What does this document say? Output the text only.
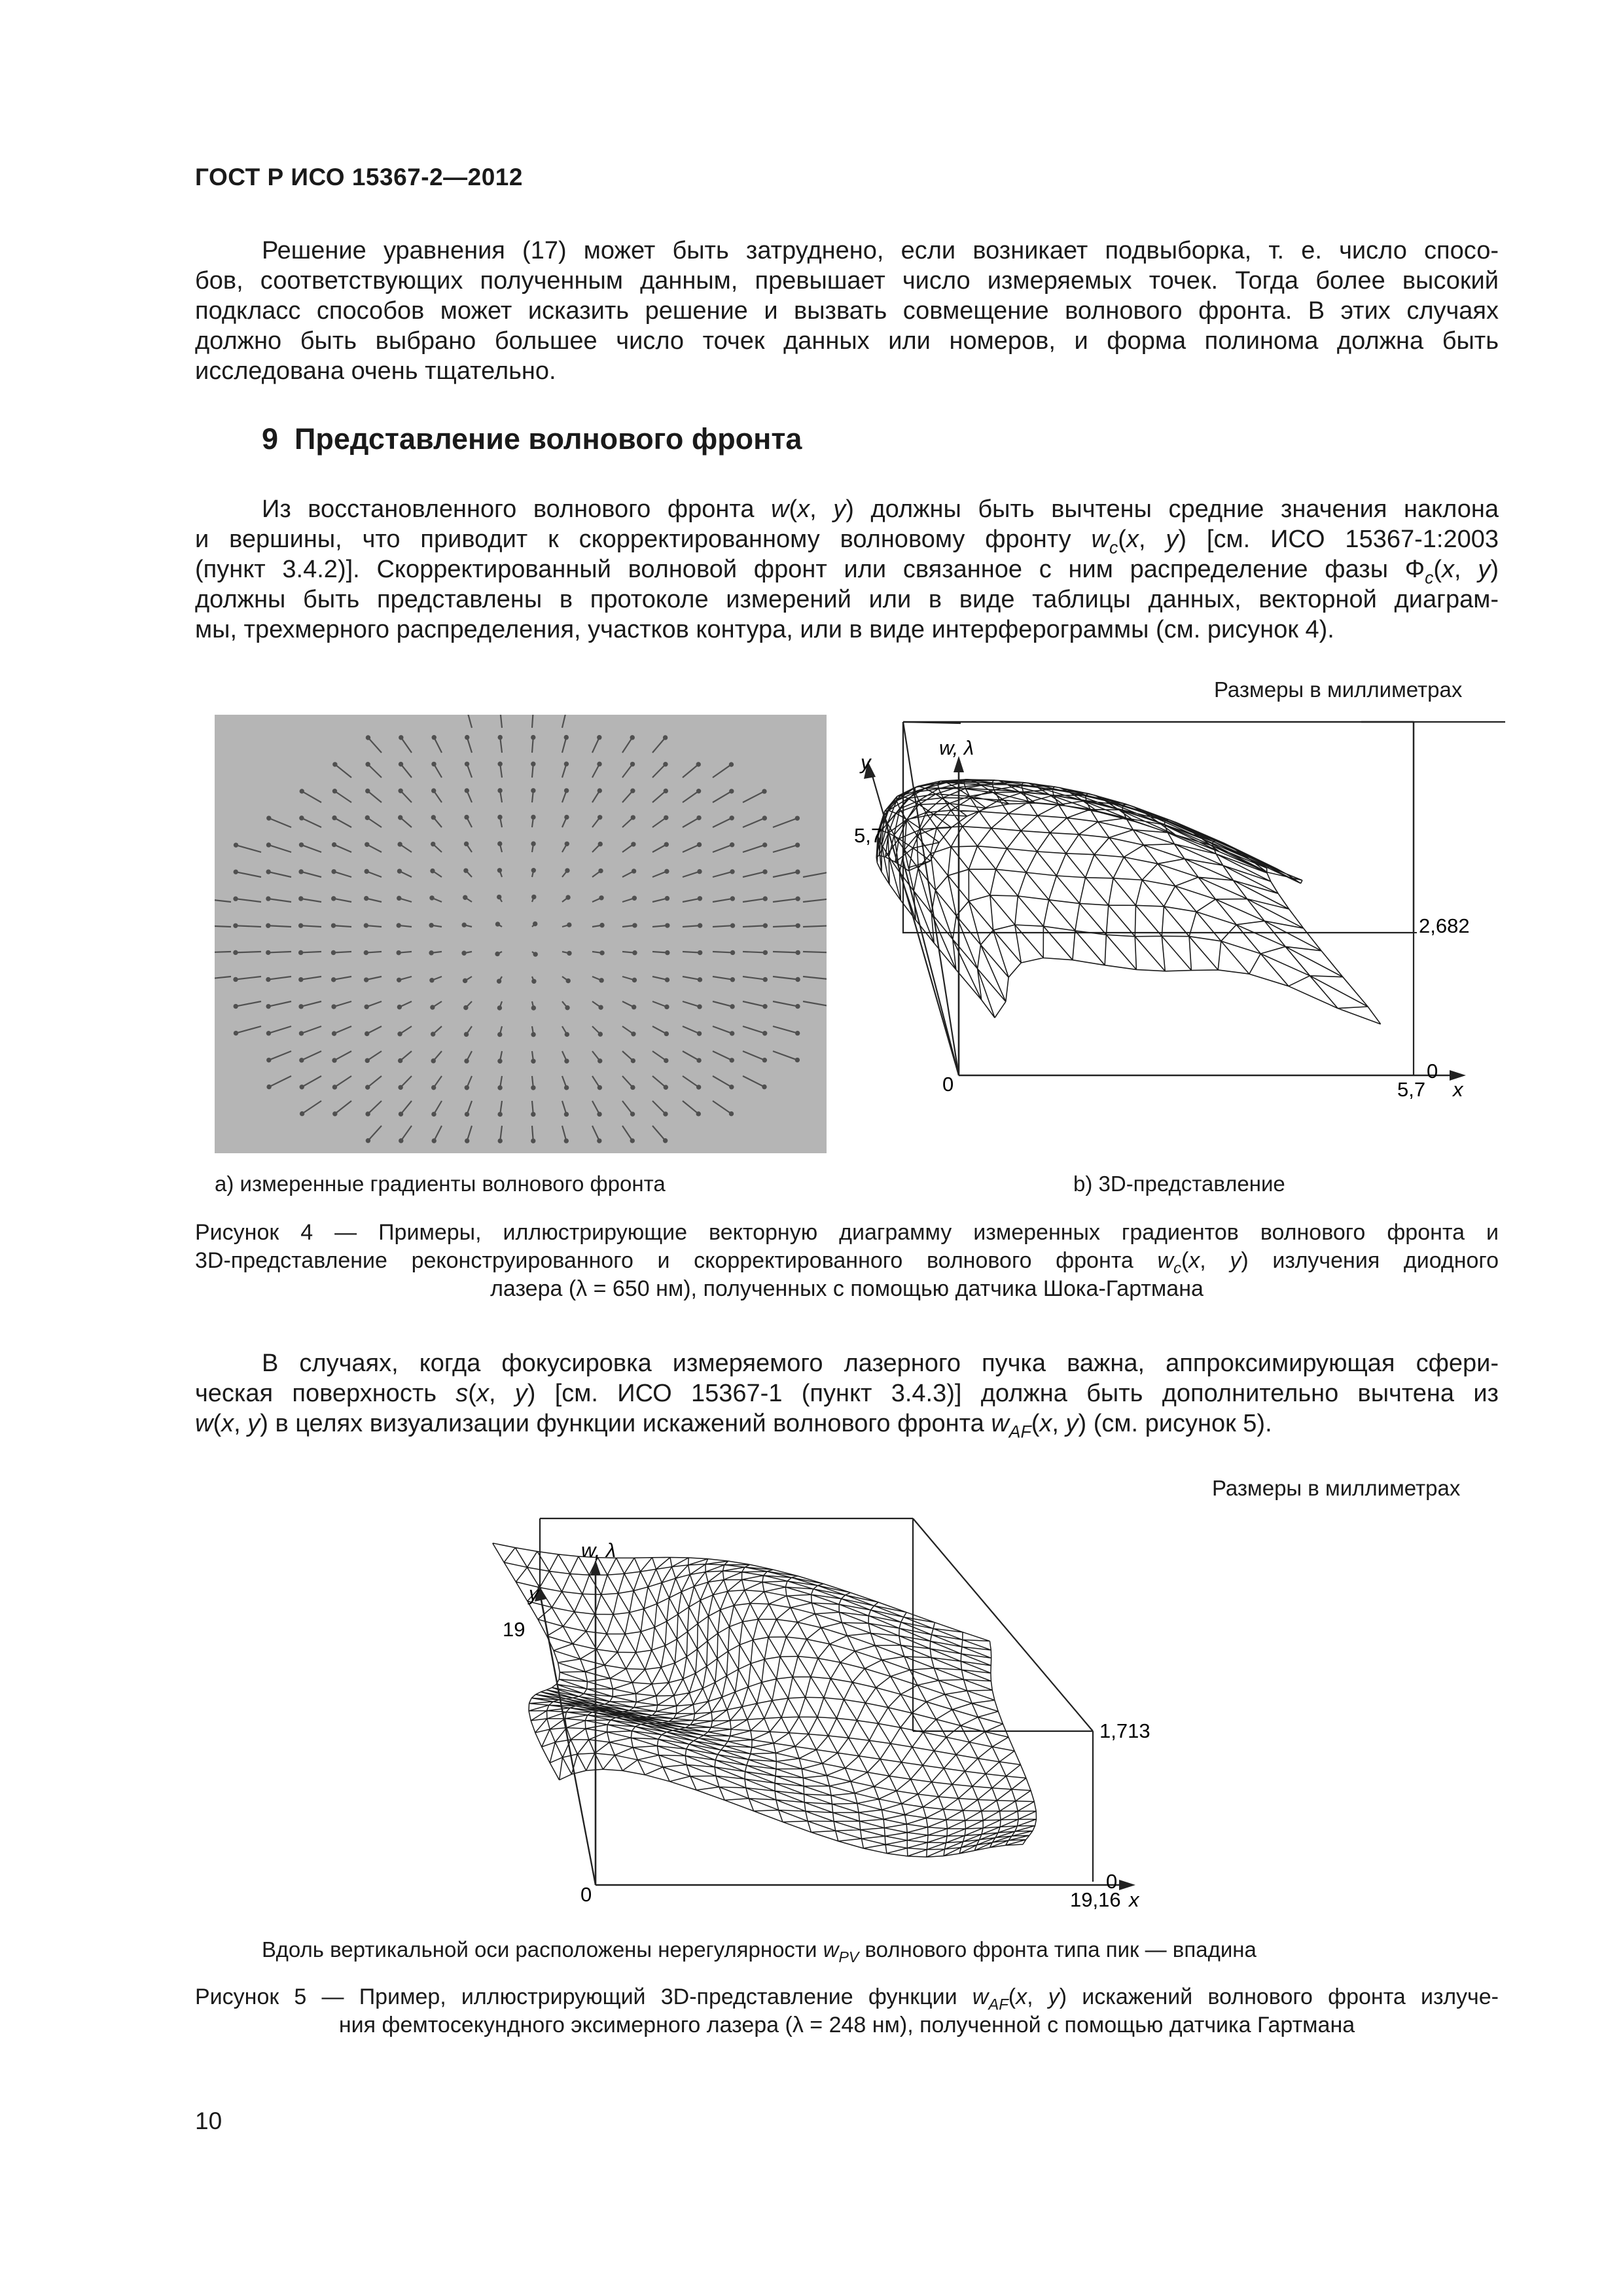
ГОСТ Р ИСО 15367-2—2012
Решение уравнения (17) может быть затруднено, если возникает подвыборка, т. е. число спосо-
бов, соответствующих полученным данным, превышает число измеряемых точек. Тогда более высокий
подкласс способов может исказить решение и вызвать совмещение волнового фронта. В этих случаях
должно быть выбрано большее число точек данных или номеров, и форма полинома должна быть
исследована очень тщательно.
9 Представление волнового фронта
Из восстановленного волнового фронта w(x, y) должны быть вычтены средние значения наклона
и вершины, что приводит к скорректированному волновому фронту $w_c(x$, y) [см. ИСО 15367-1:2003
(пункт 3.4.2)]. Скорректированный волновой фронт или связанное с ним распределение фазы $\Phi_c(x$, y)
должны быть представлены в протоколе измерений или в виде таблицы данных, векторной диаграм-
мы, трехмерного распределения, участков контура, или в виде интерферограммы (см. рисунок 4).
Размеры в миллиметрах
w, λ
y
5,7
2,682
0	5,7
0
x
а) измеренные градиенты волнового фронта	b) 3D-представление
Рисунок 4 — Примеры, иллюстрирующие векторную диаграмму измеренных градиентов волнового фронта и
3D-представление реконструированного и скорректированного волнового фронта $w_c(x$, y) излучения диодного
лазера (λ = 650 нм), полученных с помощью датчика Шока-Гартмана
В случаях, когда фокусировка измеряемого лазерного пучка важна, аппроксимирующая сфери-
ческая поверхность s(x, y) [см. ИСО 15367-1 (пункт 3.4.3)] должна быть дополнительно вычтена из
w(x, y) в целях визуализации функции искажений волнового фронта $w_{AF}(x$, y) (см. рисунок 5).
Размеры в миллиметрах
w, λ
y
19
1,713
0	19,16
0
x
Вдоль вертикальной оси расположены нерегулярности $w_{PV}$ волнового фронта типа пик — впадина
Рисунок 5 — Пример, иллюстрирующий 3D-представление функции $w_{AF}(x$, y) искажений волнового фронта излуче-
ния фемтосекундного эксимерного лазера (λ = 248 нм), полученной с помощью датчика Гартмана
10
